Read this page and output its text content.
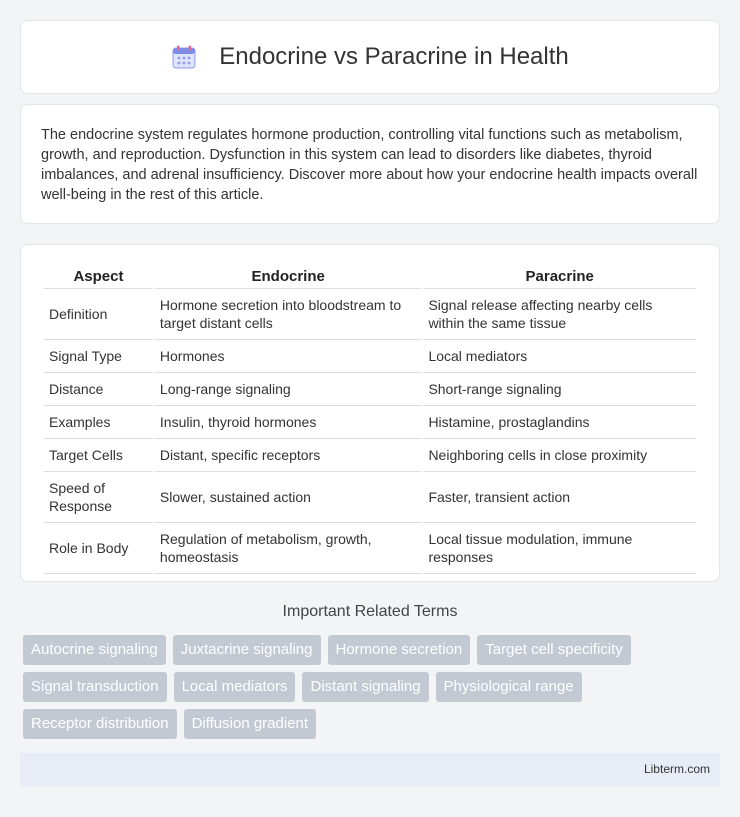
Endocrine vs Paracrine in Health

The endocrine system regulates hormone production, controlling vital functions such as metabolism, growth, and reproduction. Dysfunction in this system can lead to disorders like diabetes, thyroid imbalances, and adrenal insufficiency. Discover more about how your endocrine health impacts overall well-being in the rest of this article.

Aspect	Endocrine	Paracrine
Definition	Hormone secretion into bloodstream to target distant cells	Signal release affecting nearby cells within the same tissue
Signal Type	Hormones	Local mediators
Distance	Long-range signaling	Short-range signaling
Examples	Insulin, thyroid hormones	Histamine, prostaglandins
Target Cells	Distant, specific receptors	Neighboring cells in close proximity
Speed of Response	Slower, sustained action	Faster, transient action
Role in Body	Regulation of metabolism, growth, homeostasis	Local tissue modulation, immune responses
Important Related Terms
Autocrine signaling	Juxtacrine signaling	Hormone secretion	Target cell specificity
Signal transduction	Local mediators	Distant signaling	Physiological range
Receptor distribution	Diffusion gradient
Libterm.com
